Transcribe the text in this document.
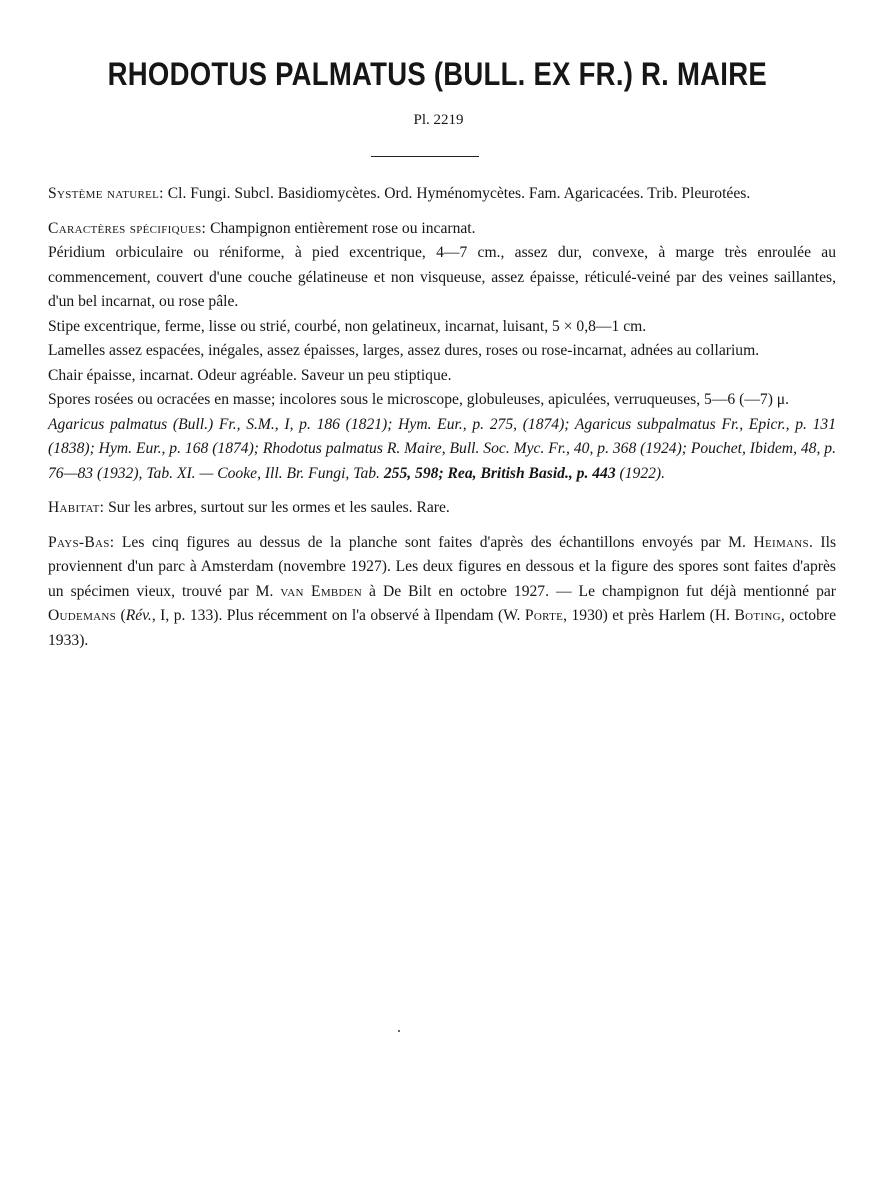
RHODOTUS PALMATUS (BULL. EX FR.) R. MAIRE
Pl. 2219

Système naturel: Cl. Fungi. Subcl. Basidiomycètes. Ord. Hyménomycètes. Fam. Agaricacées. Trib. Pleurotées.

Caractères spécifiques: Champignon entièrement rose ou incarnat.

Péridium orbiculaire ou réniforme, à pied excentrique, 4—7 cm., assez dur, convexe, à marge très enroulée au commencement, couvert d'une couche gélatineuse et non visqueuse, assez épaisse, réticulé-veiné par des veines saillantes, d'un bel incarnat, ou rose pâle.

Stipe excentrique, ferme, lisse ou strié, courbé, non gelatineux, incarnat, luisant, 5 × 0,8—1 cm.

Lamelles assez espacées, inégales, assez épaisses, larges, assez dures, roses ou rose-incarnat, adnées au collarium.

Chair épaisse, incarnat. Odeur agréable. Saveur un peu stiptique.

Spores rosées ou ocracées en masse; incolores sous le microscope, globuleuses, apiculées, verruqueuses, 5—6 (—7) μ.

Agaricus palmatus (Bull.) Fr., S.M., I, p. 186 (1821); Hym. Eur., p. 275, (1874); Agaricus subpalmatus Fr., Epicr., p. 131 (1838); Hym. Eur., p. 168 (1874); Rhodotus palmatus R. Maire, Bull. Soc. Myc. Fr., 40, p. 368 (1924); Pouchet, Ibidem, 48, p. 76—83 (1932), Tab. XI. — Cooke, Ill. Br. Fungi, Tab. 255, 598; Rea, British Basid., p. 443 (1922).

Habitat: Sur les arbres, surtout sur les ormes et les saules. Rare.

Pays-Bas: Les cinq figures au dessus de la planche sont faites d'après des échantillons envoyés par M. Heimans. Ils proviennent d'un parc à Amsterdam (novembre 1927). Les deux figures en dessous et la figure des spores sont faites d'après un spécimen vieux, trouvé par M. van Embden à De Bilt en octobre 1927. — Le champignon fut déjà mentionné par Oudemans (Rév., I, p. 133). Plus récemment on l'a observé à Ilpendam (W. Porte, 1930) et près Harlem (H. Boting, octobre 1933).
